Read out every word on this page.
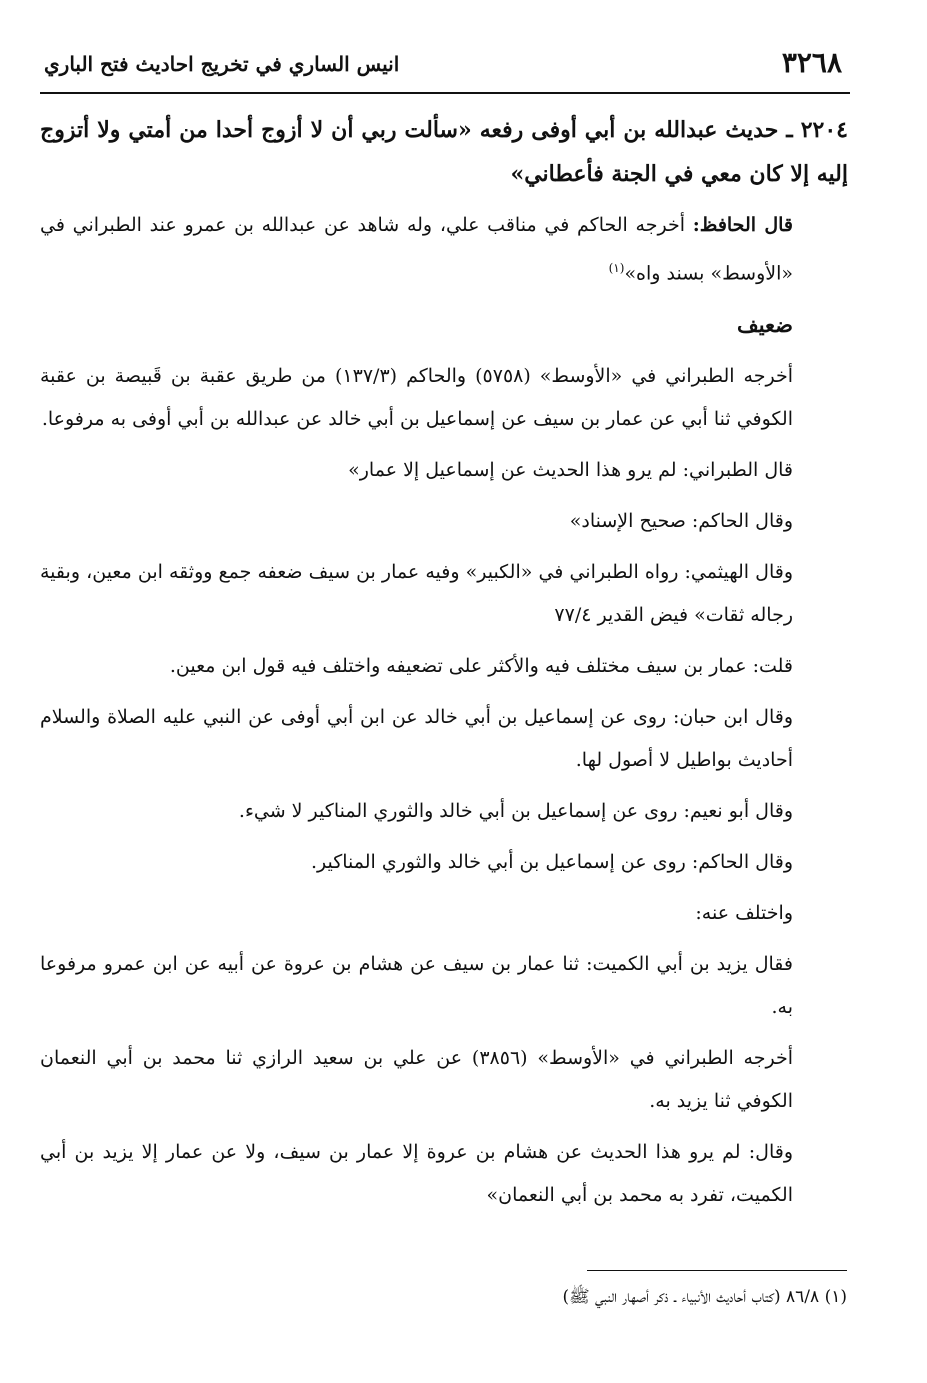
٣٢٦٨
انيس الساري في تخريج احاديث فتح الباري
٢٢٠٤ ـ حديث عبدالله بن أبي أوفى رفعه «سألت ربي أن لا أزوج أحدا من أمتي ولا أتزوج إليه إلا كان معي في الجنة فأعطاني»

قال الحافظ: أخرجه الحاكم في مناقب علي، وله شاهد عن عبدالله بن عمرو عند الطبراني في «الأوسط» بسند واه»$^{(١)}$

ضعيف

أخرجه الطبراني في «الأوسط» (٥٧٥٨) والحاكم (١٣٧/٣) من طريق عقبة بن قَبيصة بن عقبة الكوفي ثنا أبي عن عمار بن سيف عن إسماعيل بن أبي خالد عن عبدالله بن أبي أوفى به مرفوعا.

قال الطبراني: لم يرو هذا الحديث عن إسماعيل إلا عمار»

وقال الحاكم: صحيح الإسناد»

وقال الهيثمي: رواه الطبراني في «الكبير» وفيه عمار بن سيف ضعفه جمع ووثقه ابن معين، وبقية رجاله ثقات» فيض القدير ٧٧/٤

قلت: عمار بن سيف مختلف فيه والأكثر على تضعيفه واختلف فيه قول ابن معين.

وقال ابن حبان: روى عن إسماعيل بن أبي خالد عن ابن أبي أوفى عن النبي عليه الصلاة والسلام أحاديث بواطيل لا أصول لها.

وقال أبو نعيم: روى عن إسماعيل بن أبي خالد والثوري المناكير لا شيء.

وقال الحاكم: روى عن إسماعيل بن أبي خالد والثوري المناكير.

واختلف عنه:

فقال يزيد بن أبي الكميت: ثنا عمار بن سيف عن هشام بن عروة عن أبيه عن ابن عمرو مرفوعا به.

أخرجه الطبراني في «الأوسط» (٣٨٥٦) عن علي بن سعيد الرازي ثنا محمد بن أبي النعمان الكوفي ثنا يزيد به.

وقال: لم يرو هذا الحديث عن هشام بن عروة إلا عمار بن سيف، ولا عن عمار إلا يزيد بن أبي الكميت، تفرد به محمد بن أبي النعمان»

(١) ٨٦/٨ (كتاب أحاديث الأنبياء ـ ذكر أصهار النبي ﷺ)
